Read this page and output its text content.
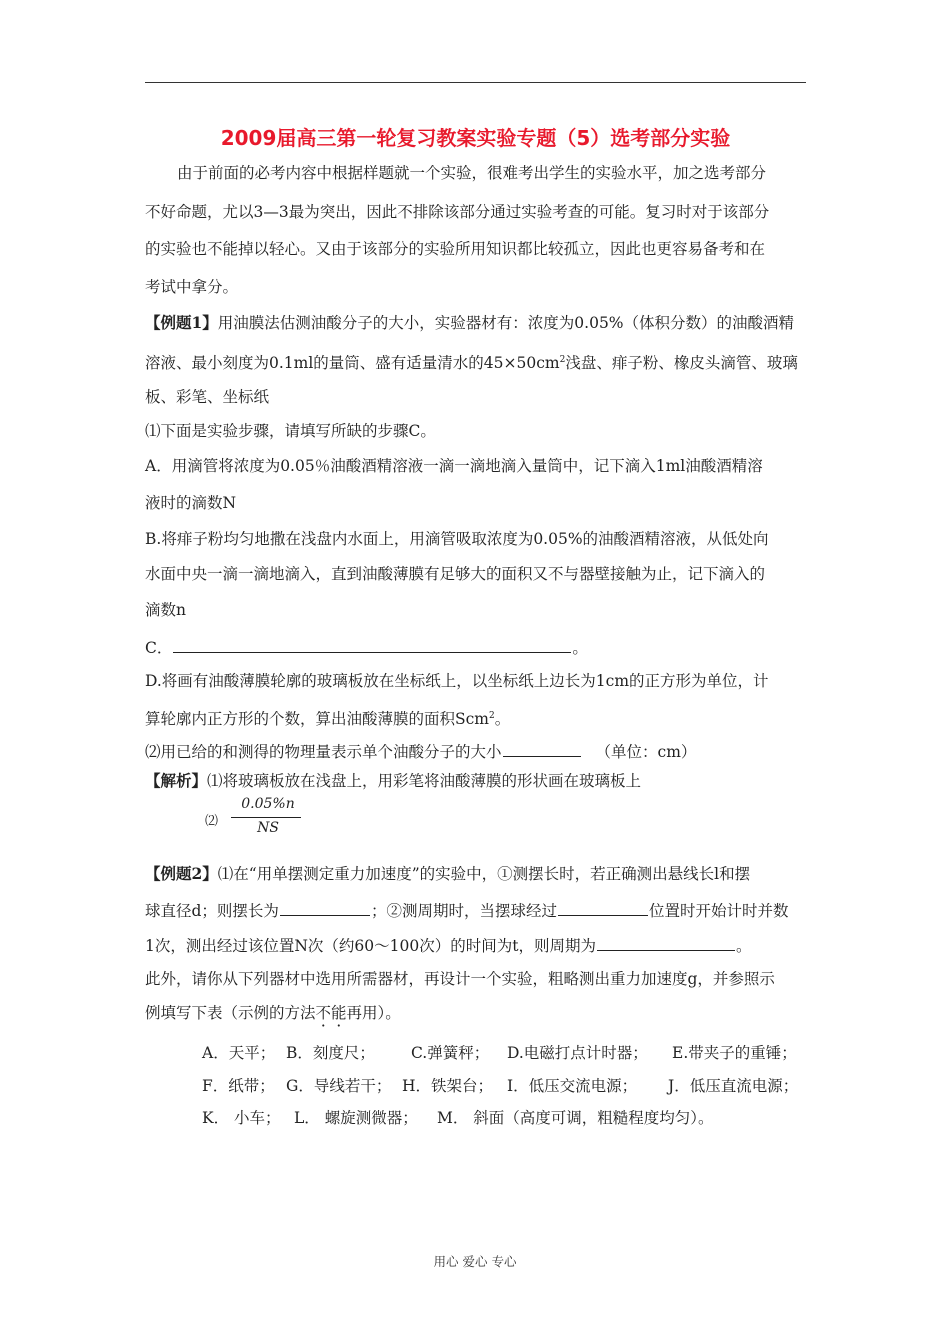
2009届高三第一轮复习教案实验专题（5）选考部分实验
由于前面的必考内容中根据样题就一个实验，很难考出学生的实验水平，加之选考部分
不好命题，尤以3—3最为突出，因此不排除该部分通过实验考查的可能。复习时对于该部分
的实验也不能掉以轻心。又由于该部分的实验所用知识都比较孤立，因此也更容易备考和在
考试中拿分。
【例题1】用油膜法估测油酸分子的大小，实验器材有：浓度为0.05%（体积分数）的油酸酒精
溶液、最小刻度为0.1ml的量筒、盛有适量清水的$45\times 50cm^2$浅盘、痱子粉、橡皮头滴管、玻璃
板、彩笔、坐标纸
⑴下面是实验步骤，请填写所缺的步骤C。
A．用滴管将浓度为0.05％油酸酒精溶液一滴一滴地滴入量筒中，记下滴入1ml油酸酒精溶
液时的滴数N
B.将痱子粉均匀地撒在浅盘内水面上，用滴管吸取浓度为0.05%的油酸酒精溶液，从低处向
水面中央一滴一滴地滴入，直到油酸薄膜有足够大的面积又不与器壁接触为止，记下滴入的
滴数n
C．	。
D.将画有油酸薄膜轮廓的玻璃板放在坐标纸上，以坐标纸上边长为1cm的正方形为单位，计
算轮廓内正方形的个数，算出油酸薄膜的面积Scm$^2$。
⑵用已给的和测得的物理量表示单个油酸分子的大小	（单位：cm）
【解析】⑴将玻璃板放在浅盘上，用彩笔将油酸薄膜的形状画在玻璃板上
⑵
0.05%n
NS
【例题2】⑴在“用单摆测定重力加速度”的实验中，①测摆长时，若正确测出悬线长l和摆
球直径d；则摆长为	；②测周期时，当摆球经过	位置时开始计时并数
1次，测出经过该位置N次（约60～100次）的时间为t，则周期为	。
此外，请你从下列器材中选用所需器材，再设计一个实验，粗略测出重力加速度g，并参照示
例填写下表（示例的方法不能再用）。
A．天平； B．刻度尺； C.弹簧秤； D.电磁打点计时器； E.带夹子的重锤；
F．纸带； G．导线若干； H．铁架台； I．低压交流电源； J．低压直流电源；
K． 小车； L． 螺旋测微器； M． 斜面（高度可调，粗糙程度均匀）。
用心 爱心 专心
